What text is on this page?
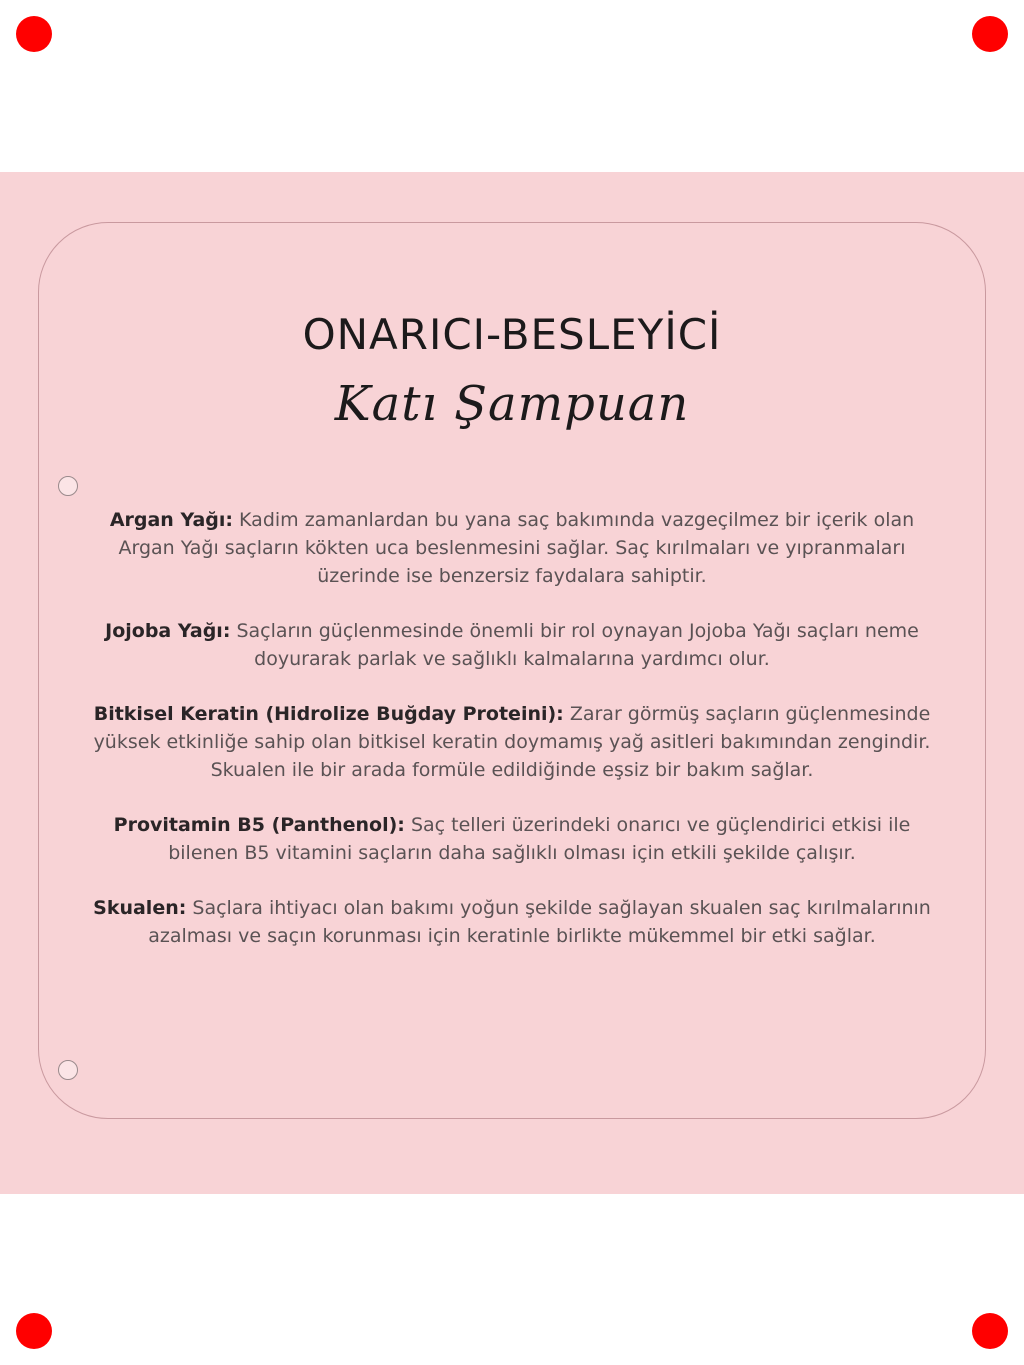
ONARICI-BESLEYİCİ
Katı Şampuan

Argan Yağı: Kadim zamanlardan bu yana saç bakımında vazgeçilmez bir içerik olan Argan Yağı saçların kökten uca beslenmesini sağlar. Saç kırılmaları ve yıpranmaları üzerinde ise benzersiz faydalara sahiptir.

Jojoba Yağı: Saçların güçlenmesinde önemli bir rol oynayan Jojoba Yağı saçları neme doyurarak parlak ve sağlıklı kalmalarına yardımcı olur.

Bitkisel Keratin (Hidrolize Buğday Proteini): Zarar görmüş saçların güçlenmesinde yüksek etkinliğe sahip olan bitkisel keratin doymamış yağ asitleri bakımından zengindir. Skualen ile bir arada formüle edildiğinde eşsiz bir bakım sağlar.

Provitamin B5 (Panthenol): Saç telleri üzerindeki onarıcı ve güçlendirici etkisi ile bilenen B5 vitamini saçların daha sağlıklı olması için etkili şekilde çalışır.

Skualen: Saçlara ihtiyacı olan bakımı yoğun şekilde sağlayan skualen saç kırılmalarının azalması ve saçın korunması için keratinle birlikte mükemmel bir etki sağlar.
